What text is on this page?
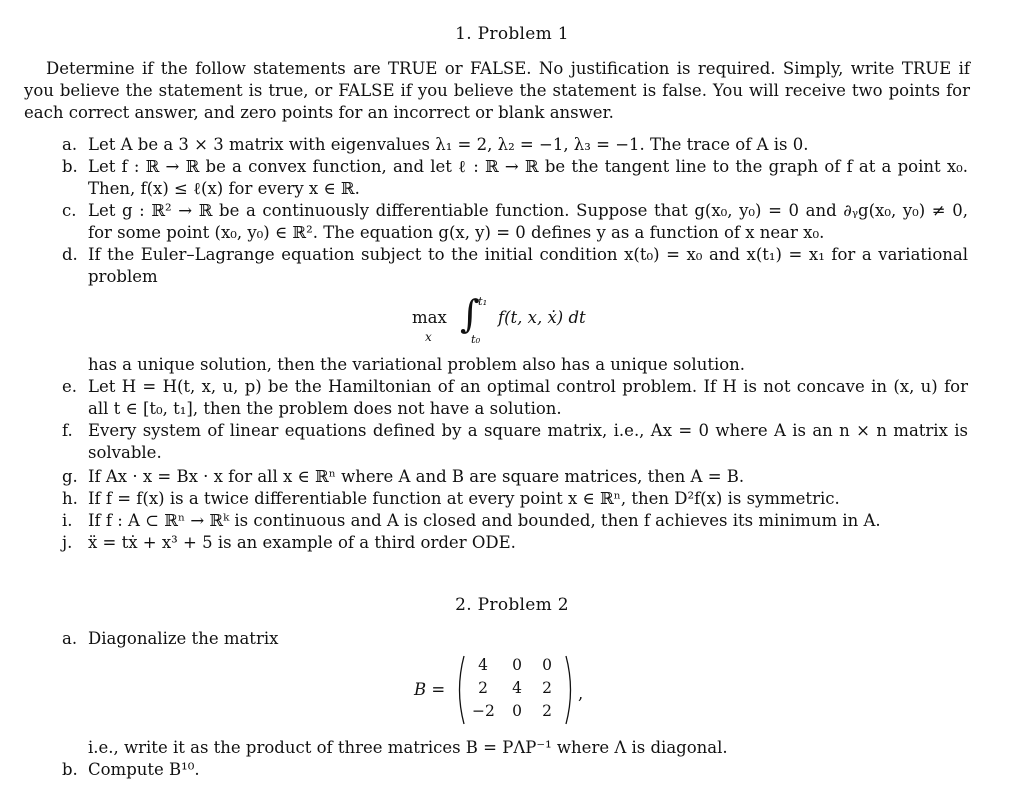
1. Problem 1
Determine if the follow statements are TRUE or FALSE. No justification is required. Simply, write TRUE if you believe the statement is true, or FALSE if you believe the statement is false. You will receive two points for each correct answer, and zero points for an incorrect or blank answer.
a. Let A be a 3 × 3 matrix with eigenvalues λ₁ = 2, λ₂ = −1, λ₃ = −1. The trace of A is 0.
b. Let f : ℝ → ℝ be a convex function, and let ℓ : ℝ → ℝ be the tangent line to the graph of f at a point x₀. Then, f(x) ≤ ℓ(x) for every x ∈ ℝ.
c. Let g : ℝ² → ℝ be a continuously differentiable function. Suppose that g(x₀, y₀) = 0 and ∂ᵧg(x₀, y₀) ≠ 0, for some point (x₀, y₀) ∈ ℝ². The equation g(x, y) = 0 defines y as a function of x near x₀.
d. If the Euler–Lagrange equation subject to the initial condition x(t₀) = x₀ and x(t₁) = x₁ for a variational problem
has a unique solution, then the variational problem also has a unique solution.
e. Let H = H(t, x, u, p) be the Hamiltonian of an optimal control problem. If H is not concave in (x, u) for all t ∈ [t₀, t₁], then the problem does not have a solution.
f. Every system of linear equations defined by a square matrix, i.e., Ax = 0 where A is an n × n matrix is solvable.
g. If Ax · x = Bx · x for all x ∈ ℝⁿ where A and B are square matrices, then A = B.
h. If f = f(x) is a twice differentiable function at every point x ∈ ℝⁿ, then D²f(x) is symmetric.
i. If f : A ⊂ ℝⁿ → ℝᵏ is continuous and A is closed and bounded, then f achieves its minimum in A.
j. ẍ = tẋ + x³ + 5 is an example of a third order ODE.
max
x
∫
t₁
t₀
f(t, x, ẋ) dt
2. Problem 2
a. Diagonalize the matrix
B =
4	0	0
2	4	2
−2	0	2
,
i.e., write it as the product of three matrices B = PΛP⁻¹ where Λ is diagonal.
b. Compute B¹⁰.
